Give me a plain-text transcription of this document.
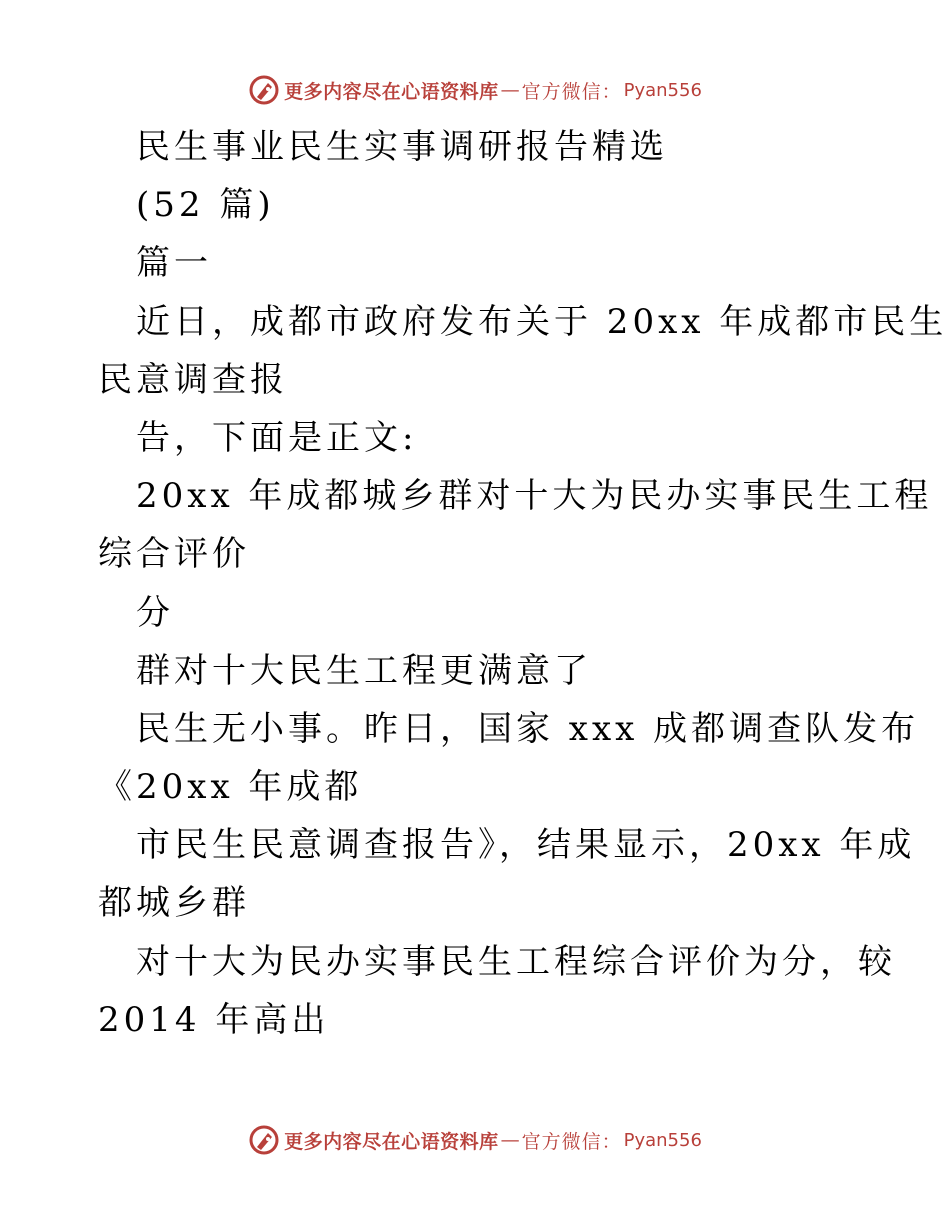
更多内容尽在心语资料库 — 官方微信： Pyan556
民生事业民生实事调研报告精选
(52 篇)
篇一
近日，成都市政府发布关于 20xx 年成都市民生
民意调查报
告，下面是正文:
20xx 年成都城乡群对十大为民办实事民生工程
综合评价
分
群对十大民生工程更满意了
民生无小事。昨日，国家 xxx 成都调查队发布
《20xx 年成都
市民生民意调查报告》，结果显示，20xx 年成
都城乡群
对十大为民办实事民生工程综合评价为分，较
2014 年高出
更多内容尽在心语资料库 — 官方微信： Pyan556
